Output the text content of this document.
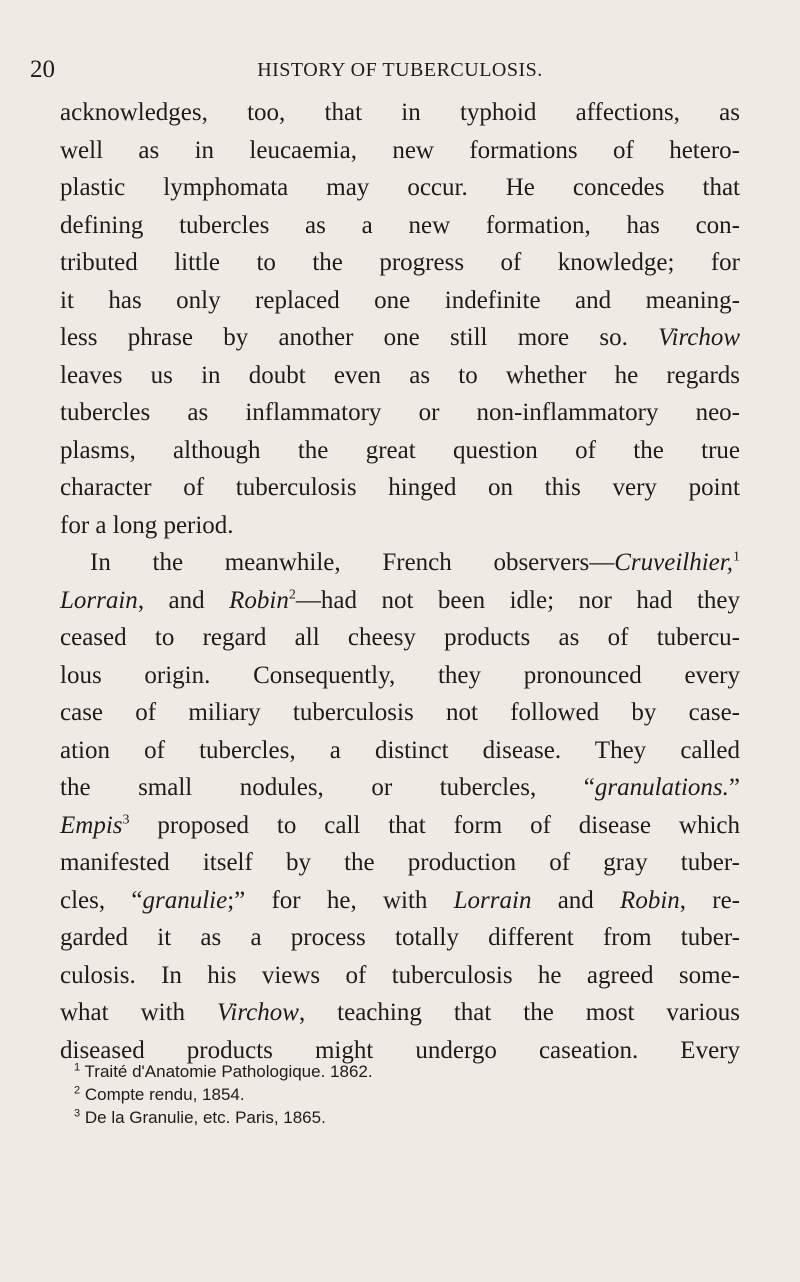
20	HISTORY OF TUBERCULOSIS.
acknowledges, too, that in typhoid affections, as
well as in leucaemia, new formations of hetero-
plastic lymphomata may occur. He concedes that
defining tubercles as a new formation, has con-
tributed little to the progress of knowledge; for
it has only replaced one indefinite and meaning-
less phrase by another one still more so. Virchow
leaves us in doubt even as to whether he regards
tubercles as inflammatory or non-inflammatory neo-
plasms, although the great question of the true
character of tuberculosis hinged on this very point
for a long period.
In the meanwhile, French observers—Cruveilhier,$^1$
Lorrain, and Robin$^2$—had not been idle; nor had they
ceased to regard all cheesy products as of tubercu-
lous origin. Consequently, they pronounced every
case of miliary tuberculosis not followed by case-
ation of tubercles, a distinct disease. They called
the small nodules, or tubercles, “granulations.”
Empis$^3$ proposed to call that form of disease which
manifested itself by the production of gray tuber-
cles, “granulie;” for he, with Lorrain and Robin, re-
garded it as a process totally different from tuber-
culosis. In his views of tuberculosis he agreed some-
what with Virchow, teaching that the most various
diseased products might undergo caseation. Every
$^1$ Traité d'Anatomie Pathologique. 1862.
$^2$ Compte rendu, 1854.
$^3$ De la Granulie, etc. Paris, 1865.
